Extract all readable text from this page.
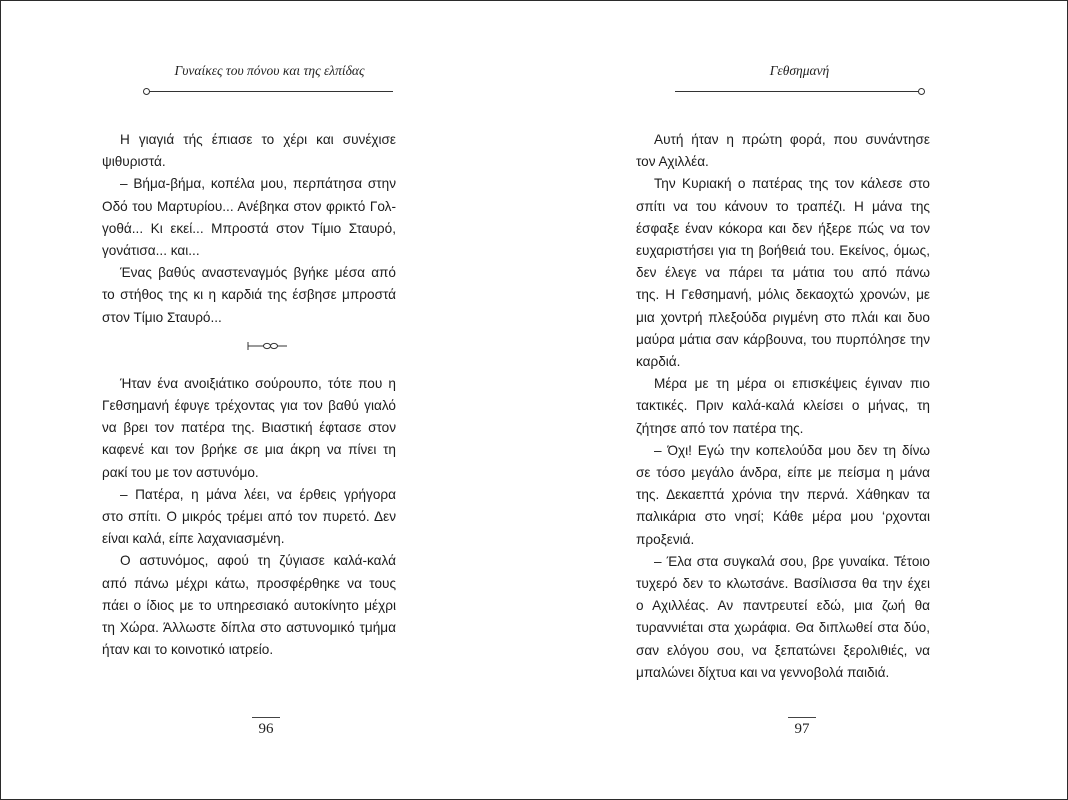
Γυναίκες του πόνου και της ελπίδας
Η γιαγιά τής έπιασε το χέρι και συνέχισε
ψιθυριστά.
– Βήμα-βήμα, κοπέλα μου, περπάτησα στην
Οδό του Μαρτυρίου... Ανέβηκα στον φρικτό Γολ-
γοθά... Κι εκεί... Μπροστά στον Τίμιο Σταυρό,
γονάτισα... και...
Ένας βαθύς αναστεναγμός βγήκε μέσα από
το στήθος της κι η καρδιά της έσβησε μπροστά
στον Τίμιο Σταυρό...
Ήταν ένα ανοιξιάτικο σούρουπο, τότε που η
Γεθσημανή έφυγε τρέχοντας για τον βαθύ γιαλό
να βρει τον πατέρα της. Βιαστική έφτασε στον
καφενέ και τον βρήκε σε μια άκρη να πίνει τη
ρακί του με τον αστυνόμο.
– Πατέρα, η μάνα λέει, να έρθεις γρήγορα
στο σπίτι. Ο μικρός τρέμει από τον πυρετό. Δεν
είναι καλά, είπε λαχανιασμένη.
Ο αστυνόμος, αφού τη ζύγιασε καλά-καλά
από πάνω μέχρι κάτω, προσφέρθηκε να τους
πάει ο ίδιος με το υπηρεσιακό αυτοκίνητο μέχρι
τη Χώρα. Άλλωστε δίπλα στο αστυνομικό τμήμα
ήταν και το κοινοτικό ιατρείο.
96
Γεθσημανή
Αυτή ήταν η πρώτη φορά, που συνάντησε
τον Αχιλλέα.
Την Κυριακή ο πατέρας της τον κάλεσε στο
σπίτι να του κάνουν το τραπέζι. Η μάνα της
έσφαξε έναν κόκορα και δεν ήξερε πώς να τον
ευχαριστήσει για τη βοήθειά του. Εκείνος, όμως,
δεν έλεγε να πάρει τα μάτια του από πάνω
της. Η Γεθσημανή, μόλις δεκαοχτώ χρονών, με
μια χοντρή πλεξούδα ριγμένη στο πλάι και δυο
μαύρα μάτια σαν κάρβουνα, του πυρπόλησε την
καρδιά.
Μέρα με τη μέρα οι επισκέψεις έγιναν πιο
τακτικές. Πριν καλά-καλά κλείσει ο μήνας, τη
ζήτησε από τον πατέρα της.
– Όχι! Εγώ την κοπελούδα μου δεν τη δίνω
σε τόσο μεγάλο άνδρα, είπε με πείσμα η μάνα
της. Δεκαεπτά χρόνια την περνά. Χάθηκαν τα
παλικάρια στο νησί; Κάθε μέρα μου ‘ρχονται
προξενιά.
– Έλα στα συγκαλά σου, βρε γυναίκα. Τέτοιο
τυχερό δεν το κλωτσάνε. Βασίλισσα θα την έχει
ο Αχιλλέας. Αν παντρευτεί εδώ, μια ζωή θα
τυραννιέται στα χωράφια. Θα διπλωθεί στα δύο,
σαν ελόγου σου, να ξεπατώνει ξερολιθιές, να
μπαλώνει δίχτυα και να γεννοβολά παιδιά.
97
